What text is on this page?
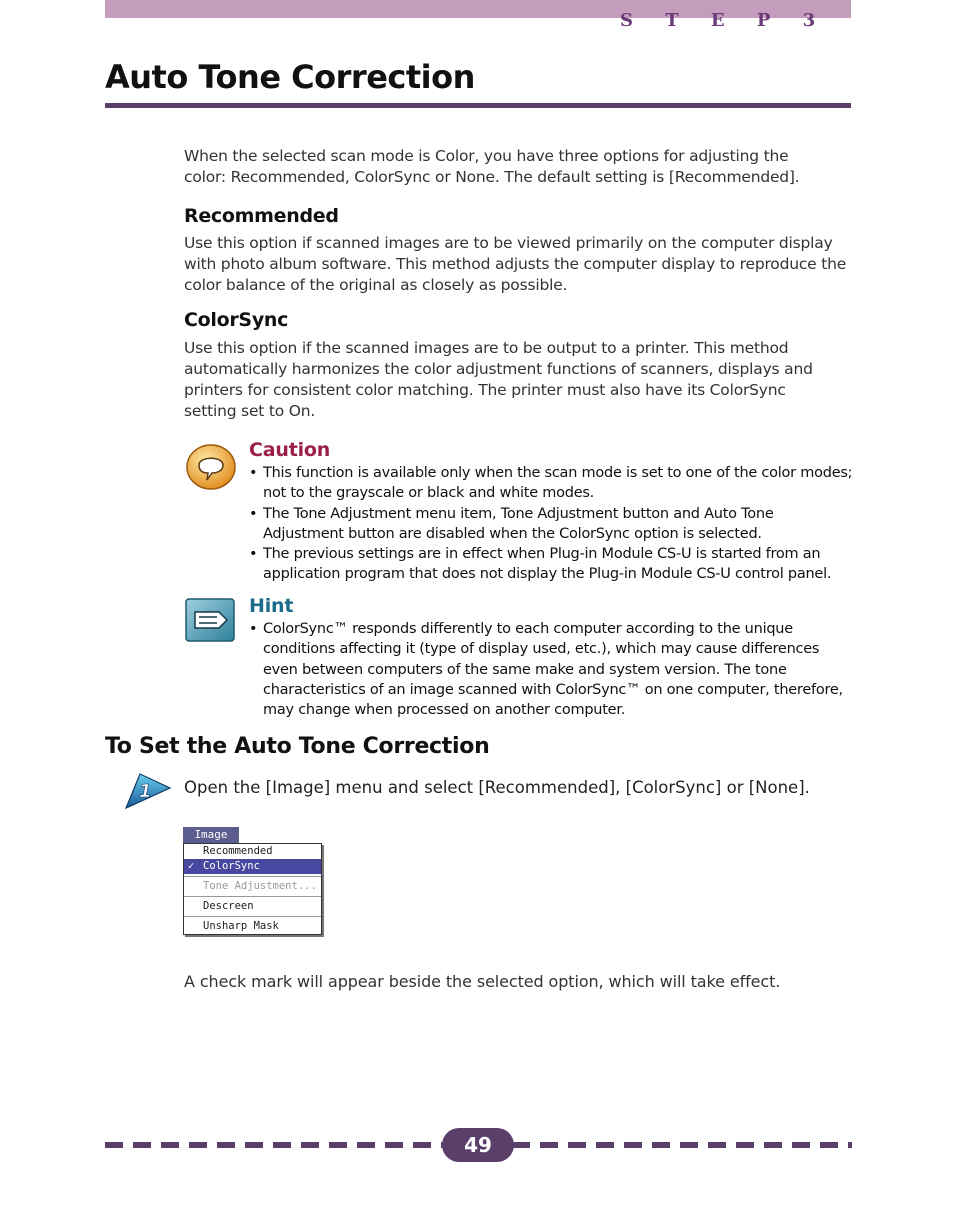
S T E P 3
Auto Tone Correction
When the selected scan mode is Color, you have three options for adjusting the color: Recommended, ColorSync or None. The default setting is [Recommended].
Recommended
Use this option if scanned images are to be viewed primarily on the computer display with photo album software. This method adjusts the computer display to reproduce the color balance of the original as closely as possible.
ColorSync
Use this option if the scanned images are to be output to a printer. This method automatically harmonizes the color adjustment functions of scanners, displays and printers for consistent color matching. The printer must also have its ColorSync setting set to On.
Caution
• This function is available only when the scan mode is set to one of the color modes; not to the grayscale or black and white modes.
• The Tone Adjustment menu item, Tone Adjustment button and Auto Tone Adjustment button are disabled when the ColorSync option is selected.
• The previous settings are in effect when Plug-in Module CS-U is started from an application program that does not display the Plug-in Module CS-U control panel.
Hint
• ColorSync™ responds differently to each computer according to the unique conditions affecting it (type of display used, etc.), which may cause differences even between computers of the same make and system version. The tone characteristics of an image scanned with ColorSync™ on one computer, therefore, may change when processed on another computer.
To Set the Auto Tone Correction
1 Open the [Image] menu and select [Recommended], [ColorSync] or [None].
Image
Recommended
✓ ColorSync
Tone Adjustment...
Descreen
Unsharp Mask
A check mark will appear beside the selected option, which will take effect.
49
